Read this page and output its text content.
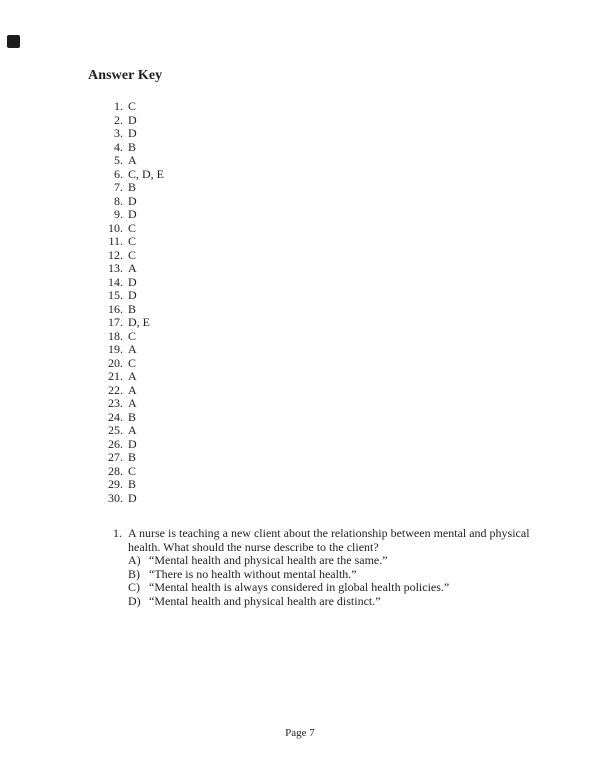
Answer Key
1. C
2. D
3. D
4. B
5. A
6. C, D, E
7. B
8. D
9. D
10. C
11. C
12. C
13. A
14. D
15. D
16. B
17. D, E
18. C
19. A
20. C
21. A
22. A
23. A
24. B
25. A
26. D
27. B
28. C
29. B
30. D
1. A nurse is teaching a new client about the relationship between mental and physical health. What should the nurse describe to the client?
A) “Mental health and physical health are the same.”
B) “There is no health without mental health.”
C) “Mental health is always considered in global health policies.”
D) “Mental health and physical health are distinct.”
Page 7
